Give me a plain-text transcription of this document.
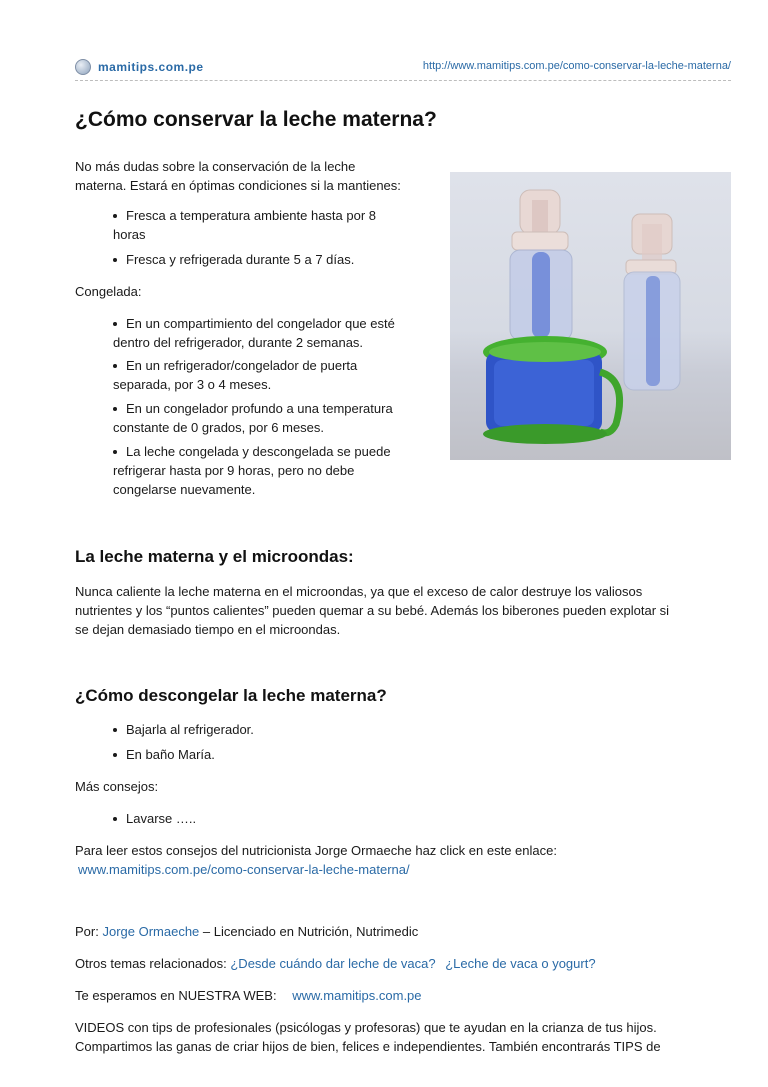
mamitips.com.pe	http://www.mamitips.com.pe/como-conservar-la-leche-materna/
¿Cómo conservar la leche materna?

No más dudas sobre la conservación de la leche
materna. Estará en óptimas condiciones si la mantienes:

Fresca a temperatura ambiente hasta por 8
horas
Fresca y refrigerada durante 5 a 7 días.

Congelada:

En un compartimiento del congelador que esté
dentro del refrigerador, durante 2 semanas.
En un refrigerador/congelador de puerta
separada, por 3 o 4 meses.
En un congelador profundo a una temperatura
constante de 0 grados, por 6 meses.
La leche congelada y descongelada se puede
refrigerar hasta por 9 horas, pero no debe
congelarse nuevamente.
La leche materna y el microondas:

Nunca caliente la leche materna en el microondas, ya que el exceso de calor destruye los valiosos
nutrientes y los “puntos calientes” pueden quemar a su bebé. Además los biberones pueden explotar si
se dejan demasiado tiempo en el microondas.

¿Cómo descongelar la leche materna?
Bajarla al refrigerador.
En baño María.

Más consejos:

Lavarse …..

Para leer estos consejos del nutricionista Jorge Ormaeche haz click en este enlace:
www.mamitips.com.pe/como-conservar-la-leche-materna/

Por: Jorge Ormaeche – Licenciado en Nutrición, Nutrimedic

Otros temas relacionados: ¿Desde cuándo dar leche de vaca? ¿Leche de vaca o yogurt?

Te esperamos en NUESTRA WEB: www.mamitips.com.pe

VIDEOS con tips de profesionales (psicólogas y profesoras) que te ayudan en la crianza de tus hijos.
Compartimos las ganas de criar hijos de bien, felices e independientes. También encontrarás TIPS de
